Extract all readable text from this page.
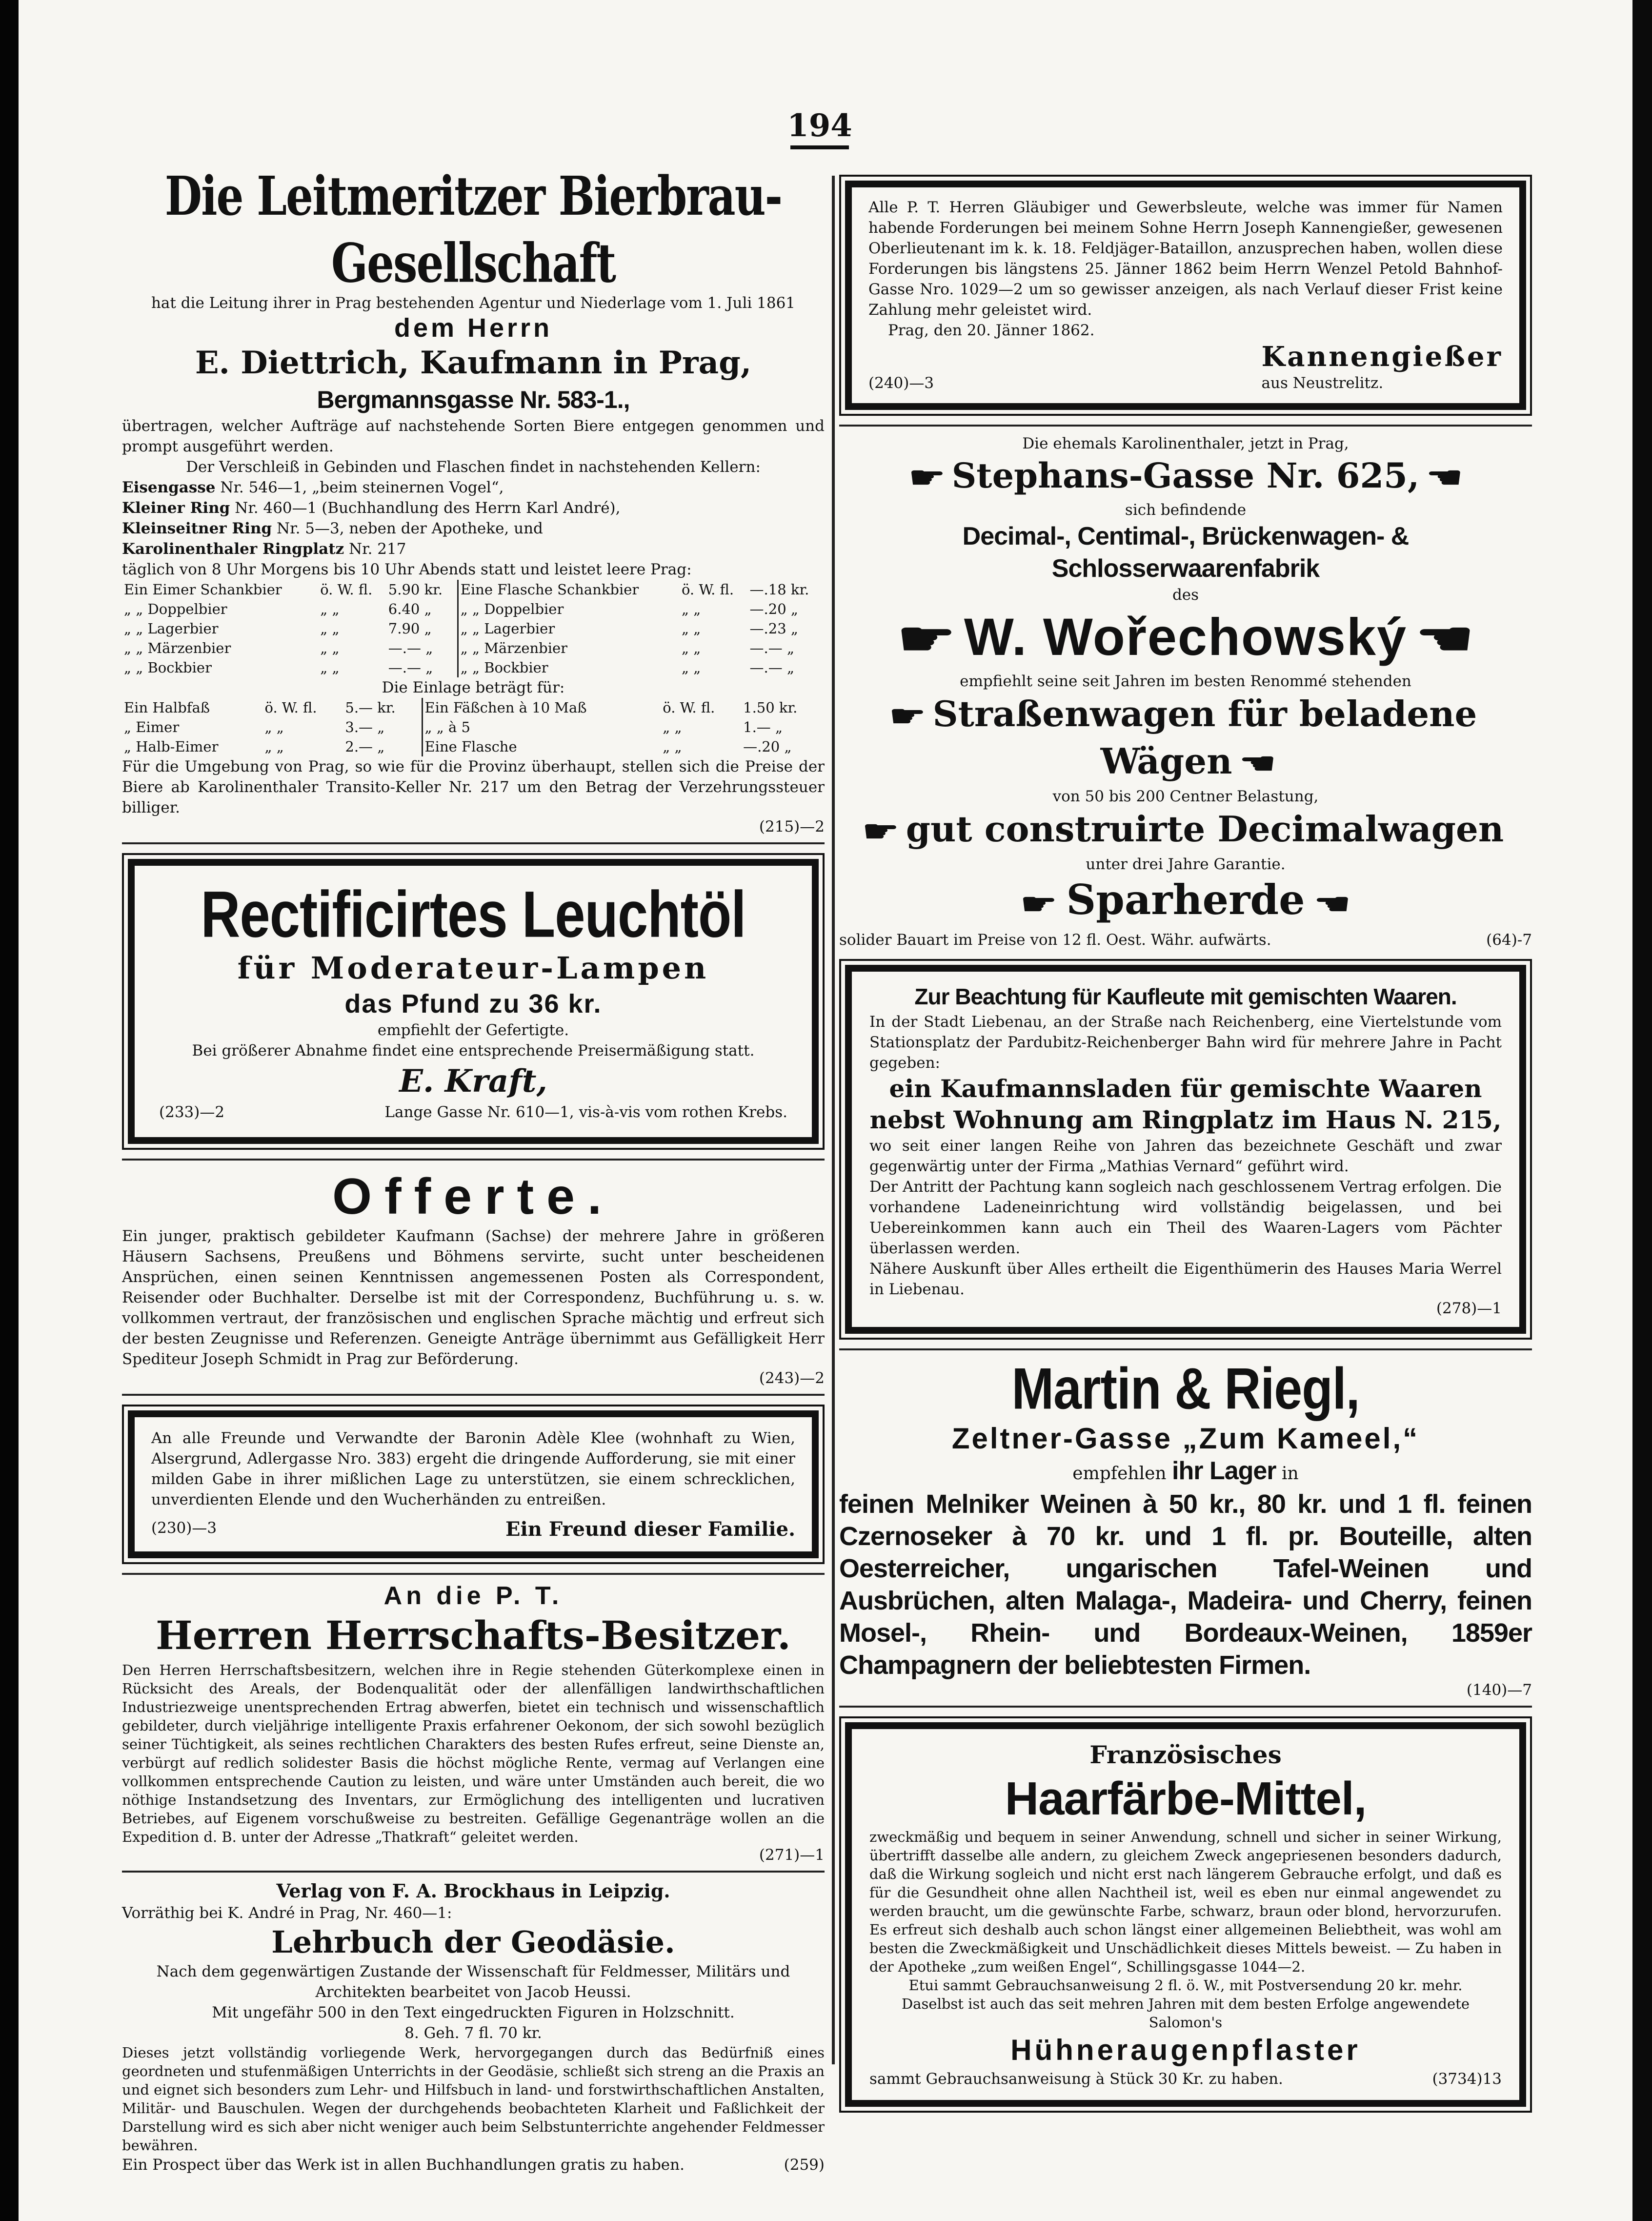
194
Die Leitmeritzer Bierbrau-Gesellschaft
hat die Leitung ihrer in Prag bestehenden Agentur und Niederlage vom 1. Juli 1861
dem Herrn
E. Diettrich, Kaufmann in Prag,
Bergmannsgasse Nr. 583-1.,
übertragen, welcher Aufträge auf nachstehende Sorten Biere entgegen genommen und prompt ausgeführt werden.
Der Verschleiß in Gebinden und Flaschen findet in nachstehenden Kellern:
Eisengasse Nr. 546—1, „beim steinernen Vogel“,
Kleiner Ring Nr. 460—1 (Buchhandlung des Herrn Karl André),
Kleinseitner Ring Nr. 5—3, neben der Apotheke, und
Karolinenthaler Ringplatz Nr. 217
täglich von 8 Uhr Morgens bis 10 Uhr Abends statt und leistet leere Prag:
Ein Eimer Schankbier	ö. W. fl.	5.90 kr.	Eine Flasche Schankbier	ö. W. fl.	—.18 kr.
„ „ Doppelbier	„ „	6.40 „	„ „ Doppelbier	„ „	—.20 „
„ „ Lagerbier	„ „	7.90 „	„ „ Lagerbier	„ „	—.23 „
„ „ Märzenbier	„ „	—.— „	„ „ Märzenbier	„ „	—.— „
„ „ Bockbier	„ „	—.— „	„ „ Bockbier	„ „	—.— „
Die Einlage beträgt für:
Ein Halbfaß	ö. W. fl.	5.— kr.	Ein Fäßchen à 10 Maß	ö. W. fl.	1.50 kr.
„ Eimer	„ „	3.— „	„ „ à 5	„ „	1.— „
„ Halb-Eimer	„ „	2.— „	Eine Flasche	„ „	—.20 „
Für die Umgebung von Prag, so wie für die Provinz überhaupt, stellen sich die Preise der Biere ab Karolinenthaler Transito-Keller Nr. 217 um den Betrag der Verzehrungssteuer billiger.
(215)—2
Rectificirtes Leuchtöl
für Moderateur-Lampen
das Pfund zu 36 kr.
empfiehlt der Gefertigte.
Bei größerer Abnahme findet eine entsprechende Preisermäßigung statt.
E. Kraft,
(233)—2	Lange Gasse Nr. 610—1, vis-à-vis vom rothen Krebs.
Offerte.
Ein junger, praktisch gebildeter Kaufmann (Sachse) der mehrere Jahre in größeren Häusern Sachsens, Preußens und Böhmens servirte, sucht unter bescheidenen Ansprüchen, einen seinen Kenntnissen angemessenen Posten als Correspondent, Reisender oder Buchhalter. Derselbe ist mit der Correspondenz, Buchführung u. s. w. vollkommen vertraut, der französischen und englischen Sprache mächtig und erfreut sich der besten Zeugnisse und Referenzen. Geneigte Anträge übernimmt aus Gefälligkeit Herr Spediteur Joseph Schmidt in Prag zur Beförderung.
(243)—2
An alle Freunde und Verwandte der Baronin Adèle Klee (wohnhaft zu Wien, Alsergrund, Adlergasse Nro. 383) ergeht die dringende Aufforderung, sie mit einer milden Gabe in ihrer mißlichen Lage zu unterstützen, sie einem schrecklichen, unverdienten Elende und den Wucherhänden zu entreißen.
(230)—3	Ein Freund dieser Familie.
An die P. T.
Herren Herrschafts-Besitzer.
Den Herren Herrschaftsbesitzern, welchen ihre in Regie stehenden Güterkomplexe einen in Rücksicht des Areals, der Bodenqualität oder der allenfälligen landwirthschaftlichen Industriezweige unentsprechenden Ertrag abwerfen, bietet ein technisch und wissenschaftlich gebildeter, durch vieljährige intelligente Praxis erfahrener Oekonom, der sich sowohl bezüglich seiner Tüchtigkeit, als seines rechtlichen Charakters des besten Rufes erfreut, seine Dienste an, verbürgt auf redlich solidester Basis die höchst mögliche Rente, vermag auf Verlangen eine vollkommen entsprechende Caution zu leisten, und wäre unter Umständen auch bereit, die wo nöthige Instandsetzung des Inventars, zur Ermöglichung des intelligenten und lucrativen Betriebes, auf Eigenem vorschußweise zu bestreiten. Gefällige Gegenanträge wollen an die Expedition d. B. unter der Adresse „Thatkraft“ geleitet werden.
(271)—1
Verlag von F. A. Brockhaus in Leipzig.
Vorräthig bei K. André in Prag, Nr. 460—1:
Lehrbuch der Geodäsie.
Nach dem gegenwärtigen Zustande der Wissenschaft für Feldmesser, Militärs und Architekten bearbeitet von Jacob Heussi.
Mit ungefähr 500 in den Text eingedruckten Figuren in Holzschnitt.
8. Geh. 7 fl. 70 kr.
Dieses jetzt vollständig vorliegende Werk, hervorgegangen durch das Bedürfniß eines geordneten und stufenmäßigen Unterrichts in der Geodäsie, schließt sich streng an die Praxis an und eignet sich besonders zum Lehr- und Hilfsbuch in land- und forstwirthschaftlichen Anstalten, Militär- und Bauschulen. Wegen der durchgehends beobachteten Klarheit und Faßlichkeit der Darstellung wird es sich aber nicht weniger auch beim Selbstunterrichte angehender Feldmesser bewähren.
Ein Prospect über das Werk ist in allen Buchhandlungen gratis zu haben.	(259)
Alle P. T. Herren Gläubiger und Gewerbsleute, welche was immer für Namen habende Forderungen bei meinem Sohne Herrn Joseph Kannengießer, gewesenen Oberlieutenant im k. k. 18. Feldjäger-Bataillon, anzusprechen haben, wollen diese Forderungen bis längstens 25. Jänner 1862 beim Herrn Wenzel Petold Bahnhof-Gasse Nro. 1029—2 um so gewisser anzeigen, als nach Verlauf dieser Frist keine Zahlung mehr geleistet wird.
Prag, den 20. Jänner 1862.
(240)—3
Kannengießer
aus Neustrelitz.
Die ehemals Karolinenthaler, jetzt in Prag,
☛ Stephans-Gasse Nr. 625, ☛
sich befindende
Decimal-, Centimal-, Brückenwagen- & Schlosserwaarenfabrik
des
☛ W. Wořechowský ☛
empfiehlt seine seit Jahren im besten Renommé stehenden
☛ Straßenwagen für beladene Wägen ☛
von 50 bis 200 Centner Belastung,
☛ gut construirte Decimalwagen
unter drei Jahre Garantie.
☛ Sparherde ☛
solider Bauart im Preise von 12 fl. Oest. Währ. aufwärts.	(64)-7
Zur Beachtung für Kaufleute mit gemischten Waaren.
In der Stadt Liebenau, an der Straße nach Reichenberg, eine Viertelstunde vom Stationsplatz der Pardubitz-Reichenberger Bahn wird für mehrere Jahre in Pacht gegeben:
ein Kaufmannsladen für gemischte Waaren
nebst Wohnung am Ringplatz im Haus N. 215,
wo seit einer langen Reihe von Jahren das bezeichnete Geschäft und zwar gegenwärtig unter der Firma „Mathias Vernard“ geführt wird.
Der Antritt der Pachtung kann sogleich nach geschlossenem Vertrag erfolgen. Die vorhandene Ladeneinrichtung wird vollständig beigelassen, und bei Uebereinkommen kann auch ein Theil des Waaren-Lagers vom Pächter überlassen werden.
Nähere Auskunft über Alles ertheilt die Eigenthümerin des Hauses Maria Werrel in Liebenau.
(278)—1
Martin & Riegl,
Zeltner-Gasse „Zum Kameel,“
empfehlen ihr Lager in
feinen Melniker Weinen à 50 kr., 80 kr. und 1 fl. feinen Czernoseker à 70 kr. und 1 fl. pr. Bouteille, alten Oesterreicher, ungarischen Tafel-Weinen und Ausbrüchen, alten Malaga-, Madeira- und Cherry, feinen Mosel-, Rhein- und Bordeaux-Weinen, 1859er Champagnern der beliebtesten Firmen.
(140)—7
Französisches
Haarfärbe-Mittel,
zweckmäßig und bequem in seiner Anwendung, schnell und sicher in seiner Wirkung, übertrifft dasselbe alle andern, zu gleichem Zweck angepriesenen besonders dadurch, daß die Wirkung sogleich und nicht erst nach längerem Gebrauche erfolgt, und daß es für die Gesundheit ohne allen Nachtheil ist, weil es eben nur einmal angewendet zu werden braucht, um die gewünschte Farbe, schwarz, braun oder blond, hervorzurufen. Es erfreut sich deshalb auch schon längst einer allgemeinen Beliebtheit, was wohl am besten die Zweckmäßigkeit und Unschädlichkeit dieses Mittels beweist. — Zu haben in der Apotheke „zum weißen Engel“, Schillingsgasse 1044—2.
Etui sammt Gebrauchsanweisung 2 fl. ö. W., mit Postversendung 20 kr. mehr.
Daselbst ist auch das seit mehren Jahren mit dem besten Erfolge angewendete Salomon's
Hühneraugenpflaster
sammt Gebrauchsanweisung à Stück 30 Kr. zu haben.	(3734)13
